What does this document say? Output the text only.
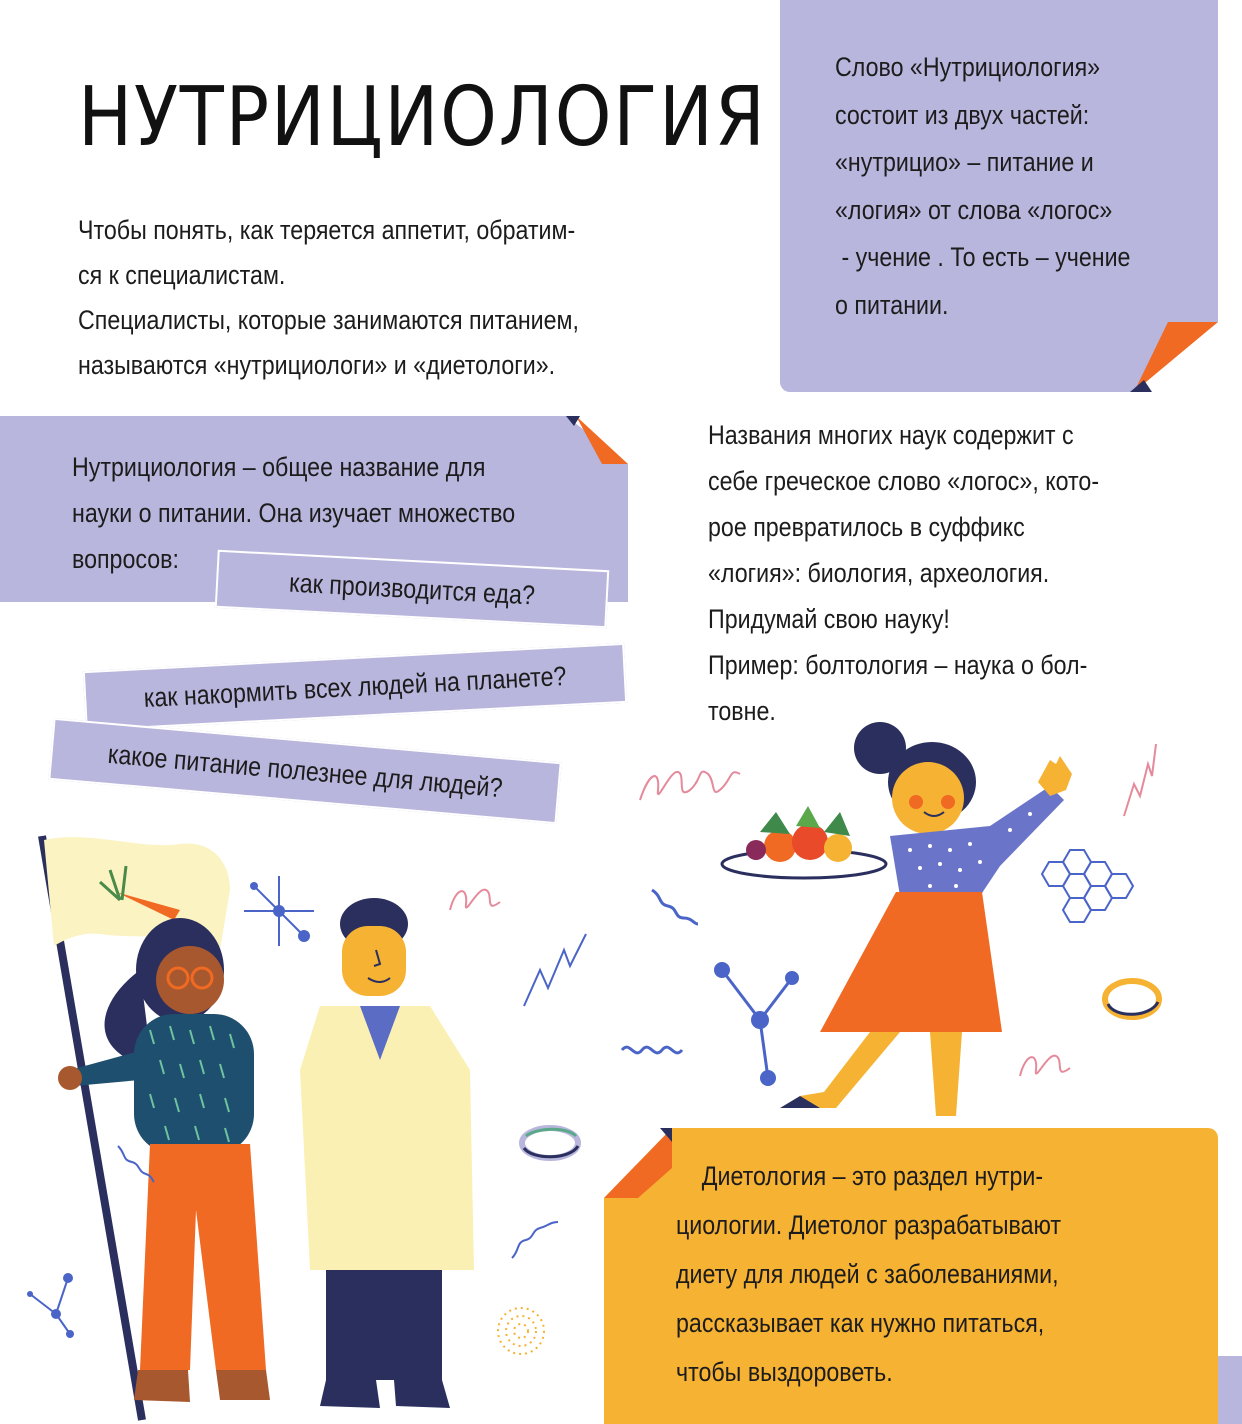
НУТРИЦИОЛОГИЯ

Чтобы понять, как теряется аппетит, обратим-

ся к специалистам.

Специалисты, которые занимаются питанием,

называются «нутрициологи» и «диетологи».

Слово «Нутрициология»

состоит из двух частей:

«нутрицио» – питание и

«логия» от слова «логос»

- учение . То есть – учение

о питании.

Нутрициология – общее название для

науки о питании. Она изучает множество

вопросов:

как производится еда?
как накормить всех людей на планете?
какое питание полезнее для людей?

Названия многих наук содержит с

себе греческое слово «логос», кото-

рое превратилось в суффикс

«логия»: биология, археология.

Придумай свою науку!

Пример: болтология – наука о бол-

товне.

Диетология – это раздел нутри-

циологии. Диетолог разрабатывают

диету для людей с заболеваниями,

рассказывает как нужно питаться,

чтобы выздороветь.
